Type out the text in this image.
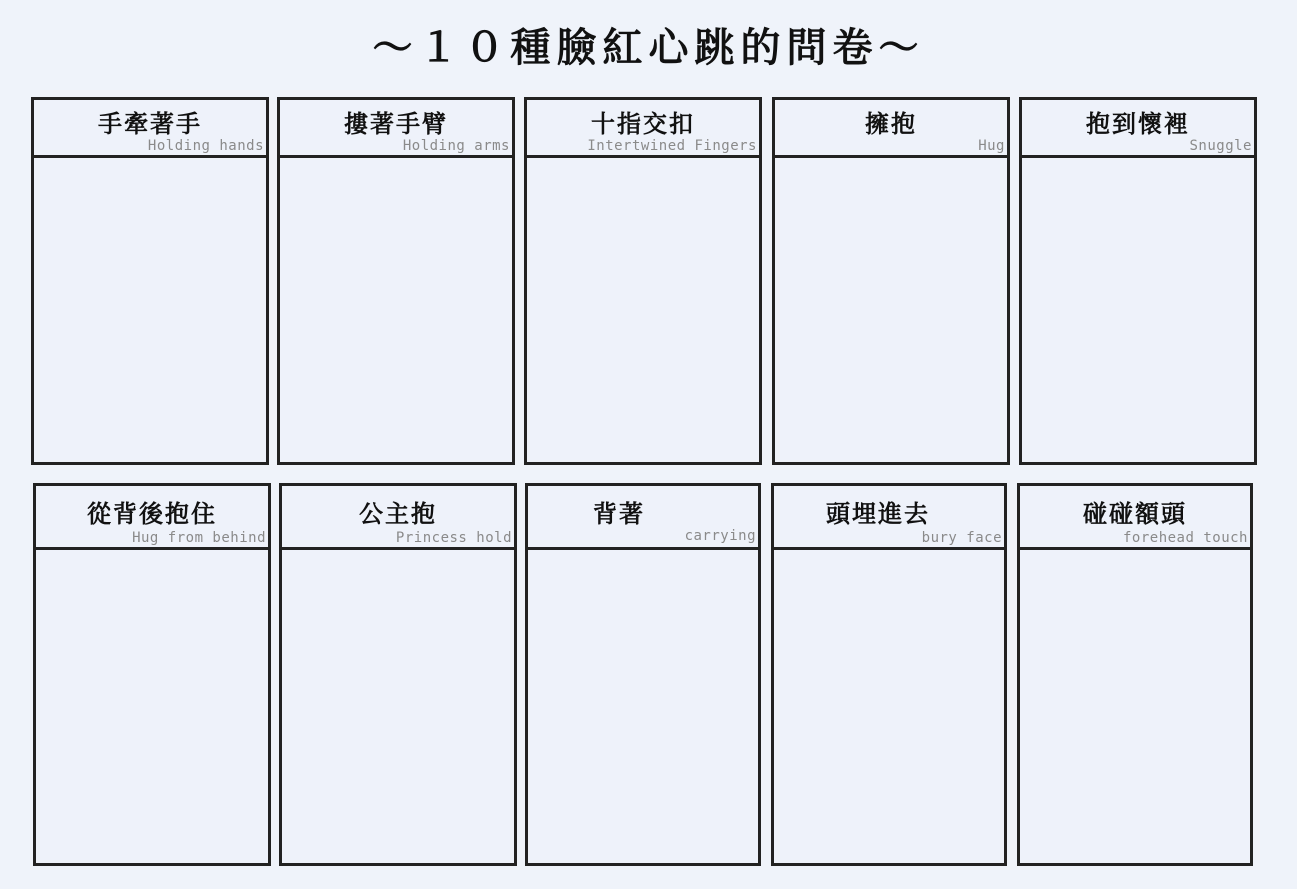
～１０種臉紅心跳的問卷～
手牽著手
Holding hands
摟著手臂
Holding arms
十指交扣
Intertwined Fingers
擁抱
Hug
抱到懷裡
Snuggle
從背後抱住
Hug from behind
公主抱
Princess hold
背著
carrying
頭埋進去
bury face
碰碰額頭
forehead touch
